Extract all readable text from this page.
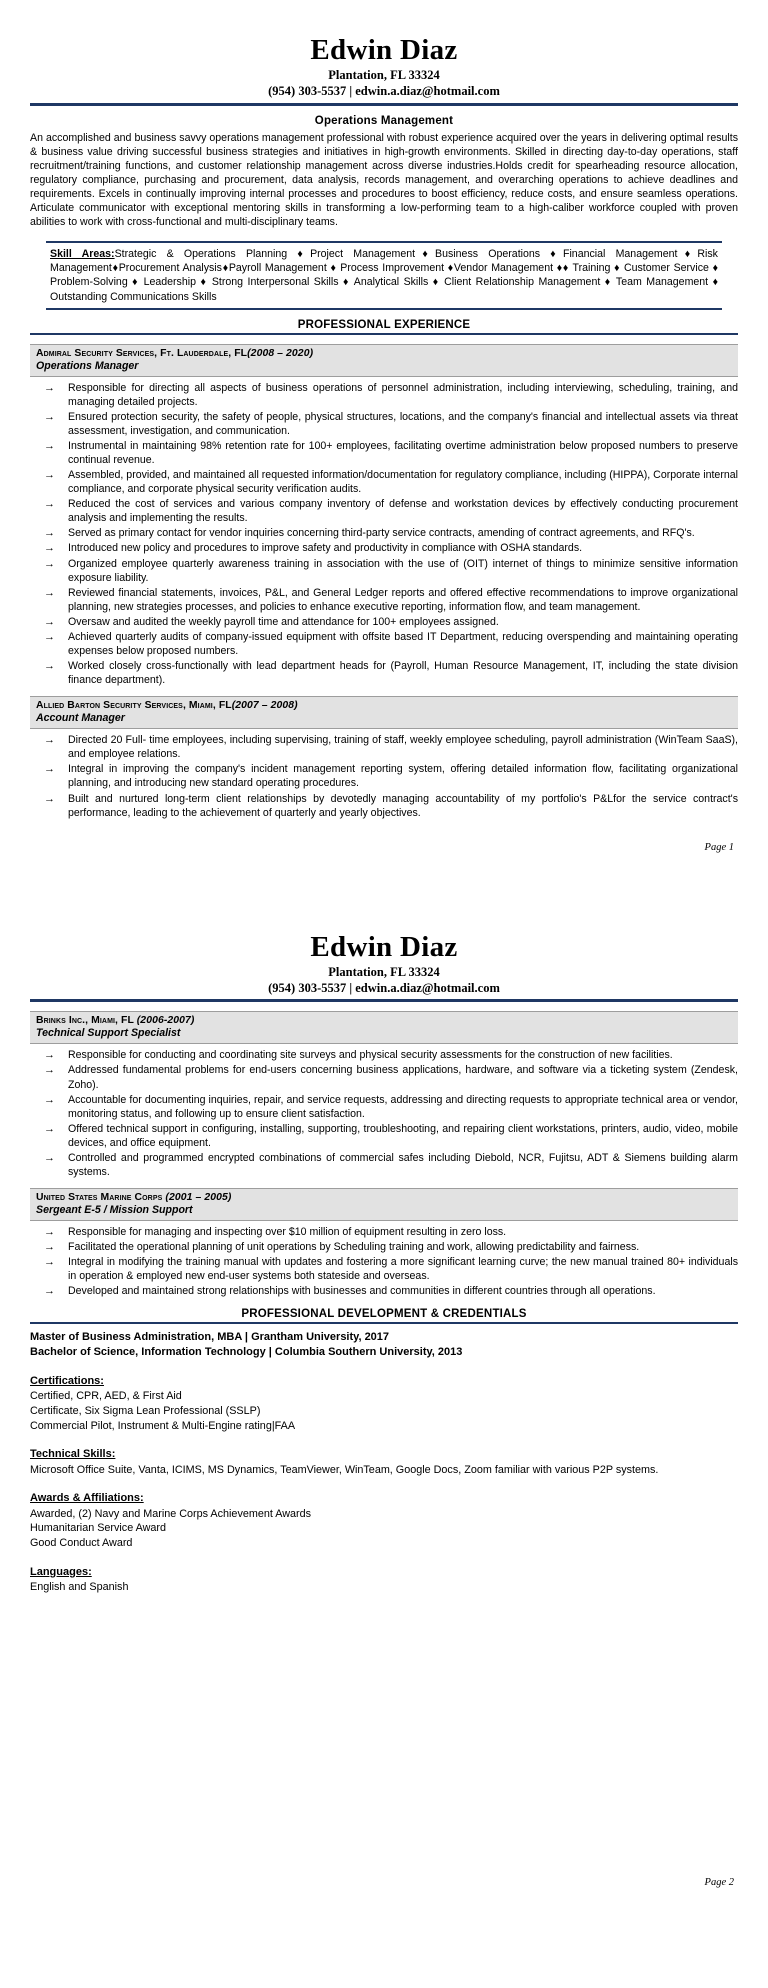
Edwin Diaz
Plantation, FL 33324
(954) 303-5537 | edwin.a.diaz@hotmail.com
Operations Management
An accomplished and business savvy operations management professional with robust experience acquired over the years in delivering optimal results & business value driving successful business strategies and initiatives in high-growth environments. Skilled in directing day-to-day operations, staff recruitment/training functions, and customer relationship management across diverse industries.Holds credit for spearheading resource allocation, regulatory compliance, purchasing and procurement, data analysis, records management, and overarching operations to achieve deadlines and requirements. Excels in continually improving internal processes and procedures to boost efficiency, reduce costs, and ensure seamless operations. Articulate communicator with exceptional mentoring skills in transforming a low-performing team to a high-caliber workforce coupled with proven abilities to work with cross-functional and multi-disciplinary teams.
Skill Areas:Strategic & Operations Planning ♦Project Management♦Business Operations ♦Financial Management♦Risk Management♦Procurement Analysis♦Payroll Management ♦ Process Improvement ♦Vendor Management ♦♦ Training ♦ Customer Service ♦ Problem-Solving ♦ Leadership ♦ Strong Interpersonal Skills ♦ Analytical Skills ♦ Client Relationship Management ♦ Team Management ♦ Outstanding Communications Skills
PROFESSIONAL EXPERIENCE
Admiral Security Services, Ft. Lauderdale, FL(2008 – 2020)
Operations Manager
→ Responsible for directing all aspects of business operations of personnel administration, including interviewing, scheduling, training, and managing detailed projects.
→ Ensured protection security, the safety of people, physical structures, locations, and the company's financial and intellectual assets via threat assessment, investigation, and communication.
→ Instrumental in maintaining 98% retention rate for 100+ employees, facilitating overtime administration below proposed numbers to preserve continual revenue.
→ Assembled, provided, and maintained all requested information/documentation for regulatory compliance, including (HIPPA), Corporate internal compliance, and corporate physical security verification audits.
→ Reduced the cost of services and various company inventory of defense and workstation devices by effectively conducting procurement analysis and implementing the results.
→ Served as primary contact for vendor inquiries concerning third-party service contracts, amending of contract agreements, and RFQ's.
→ Introduced new policy and procedures to improve safety and productivity in compliance with OSHA standards.
→ Organized employee quarterly awareness training in association with the use of (OIT) internet of things to minimize sensitive information exposure liability.
→ Reviewed financial statements, invoices, P&L, and General Ledger reports and offered effective recommendations to improve organizational planning, new strategies processes, and policies to enhance executive reporting, information flow, and team management.
→ Oversaw and audited the weekly payroll time and attendance for 100+ employees assigned.
→ Achieved quarterly audits of company-issued equipment with offsite based IT Department, reducing overspending and maintaining operating expenses below proposed numbers.
→ Worked closely cross-functionally with lead department heads for (Payroll, Human Resource Management, IT, including the state division finance department).
Allied Barton Security Services, Miami, FL(2007 – 2008)
Account Manager
→ Directed 20 Full- time employees, including supervising, training of staff, weekly employee scheduling, payroll administration (WinTeam SaaS), and employee relations.
→ Integral in improving the company's incident management reporting system, offering detailed information flow, facilitating organizational planning, and introducing new standard operating procedures.
→ Built and nurtured long-term client relationships by devotedly managing accountability of my portfolio's P&Lfor the service contract's performance, leading to the achievement of quarterly and yearly objectives.
Page 1
Edwin Diaz
Plantation, FL 33324
(954) 303-5537 | edwin.a.diaz@hotmail.com
Brinks Inc., Miami, FL (2006-2007)
Technical Support Specialist
→ Responsible for conducting and coordinating site surveys and physical security assessments for the construction of new facilities.
→ Addressed fundamental problems for end-users concerning business applications, hardware, and software via a ticketing system (Zendesk, Zoho).
→ Accountable for documenting inquiries, repair, and service requests, addressing and directing requests to appropriate technical area or vendor, monitoring status, and following up to ensure client satisfaction.
→ Offered technical support in configuring, installing, supporting, troubleshooting, and repairing client workstations, printers, audio, video, mobile devices, and office equipment.
→ Controlled and programmed encrypted combinations of commercial safes including Diebold, NCR, Fujitsu, ADT & Siemens building alarm systems.
United States Marine Corps (2001 – 2005)
Sergeant E-5 / Mission Support
→ Responsible for managing and inspecting over $10 million of equipment resulting in zero loss.
→ Facilitated the operational planning of unit operations by Scheduling training and work, allowing predictability and fairness.
→ Integral in modifying the training manual with updates and fostering a more significant learning curve; the new manual trained 80+ individuals in operation & employed new end-user systems both stateside and overseas.
→ Developed and maintained strong relationships with businesses and communities in different countries through all operations.
PROFESSIONAL DEVELOPMENT & CREDENTIALS
Master of Business Administration, MBA | Grantham University, 2017
Bachelor of Science, Information Technology | Columbia Southern University, 2013
Certifications:
Certified, CPR, AED, & First Aid
Certificate, Six Sigma Lean Professional (SSLP)
Commercial Pilot, Instrument & Multi-Engine rating|FAA
Technical Skills:
Microsoft Office Suite, Vanta, ICIMS, MS Dynamics, TeamViewer, WinTeam, Google Docs, Zoom familiar with various P2P systems.
Awards & Affiliations:
Awarded, (2) Navy and Marine Corps Achievement Awards
Humanitarian Service Award
Good Conduct Award
Languages:
English and Spanish
Page 2
